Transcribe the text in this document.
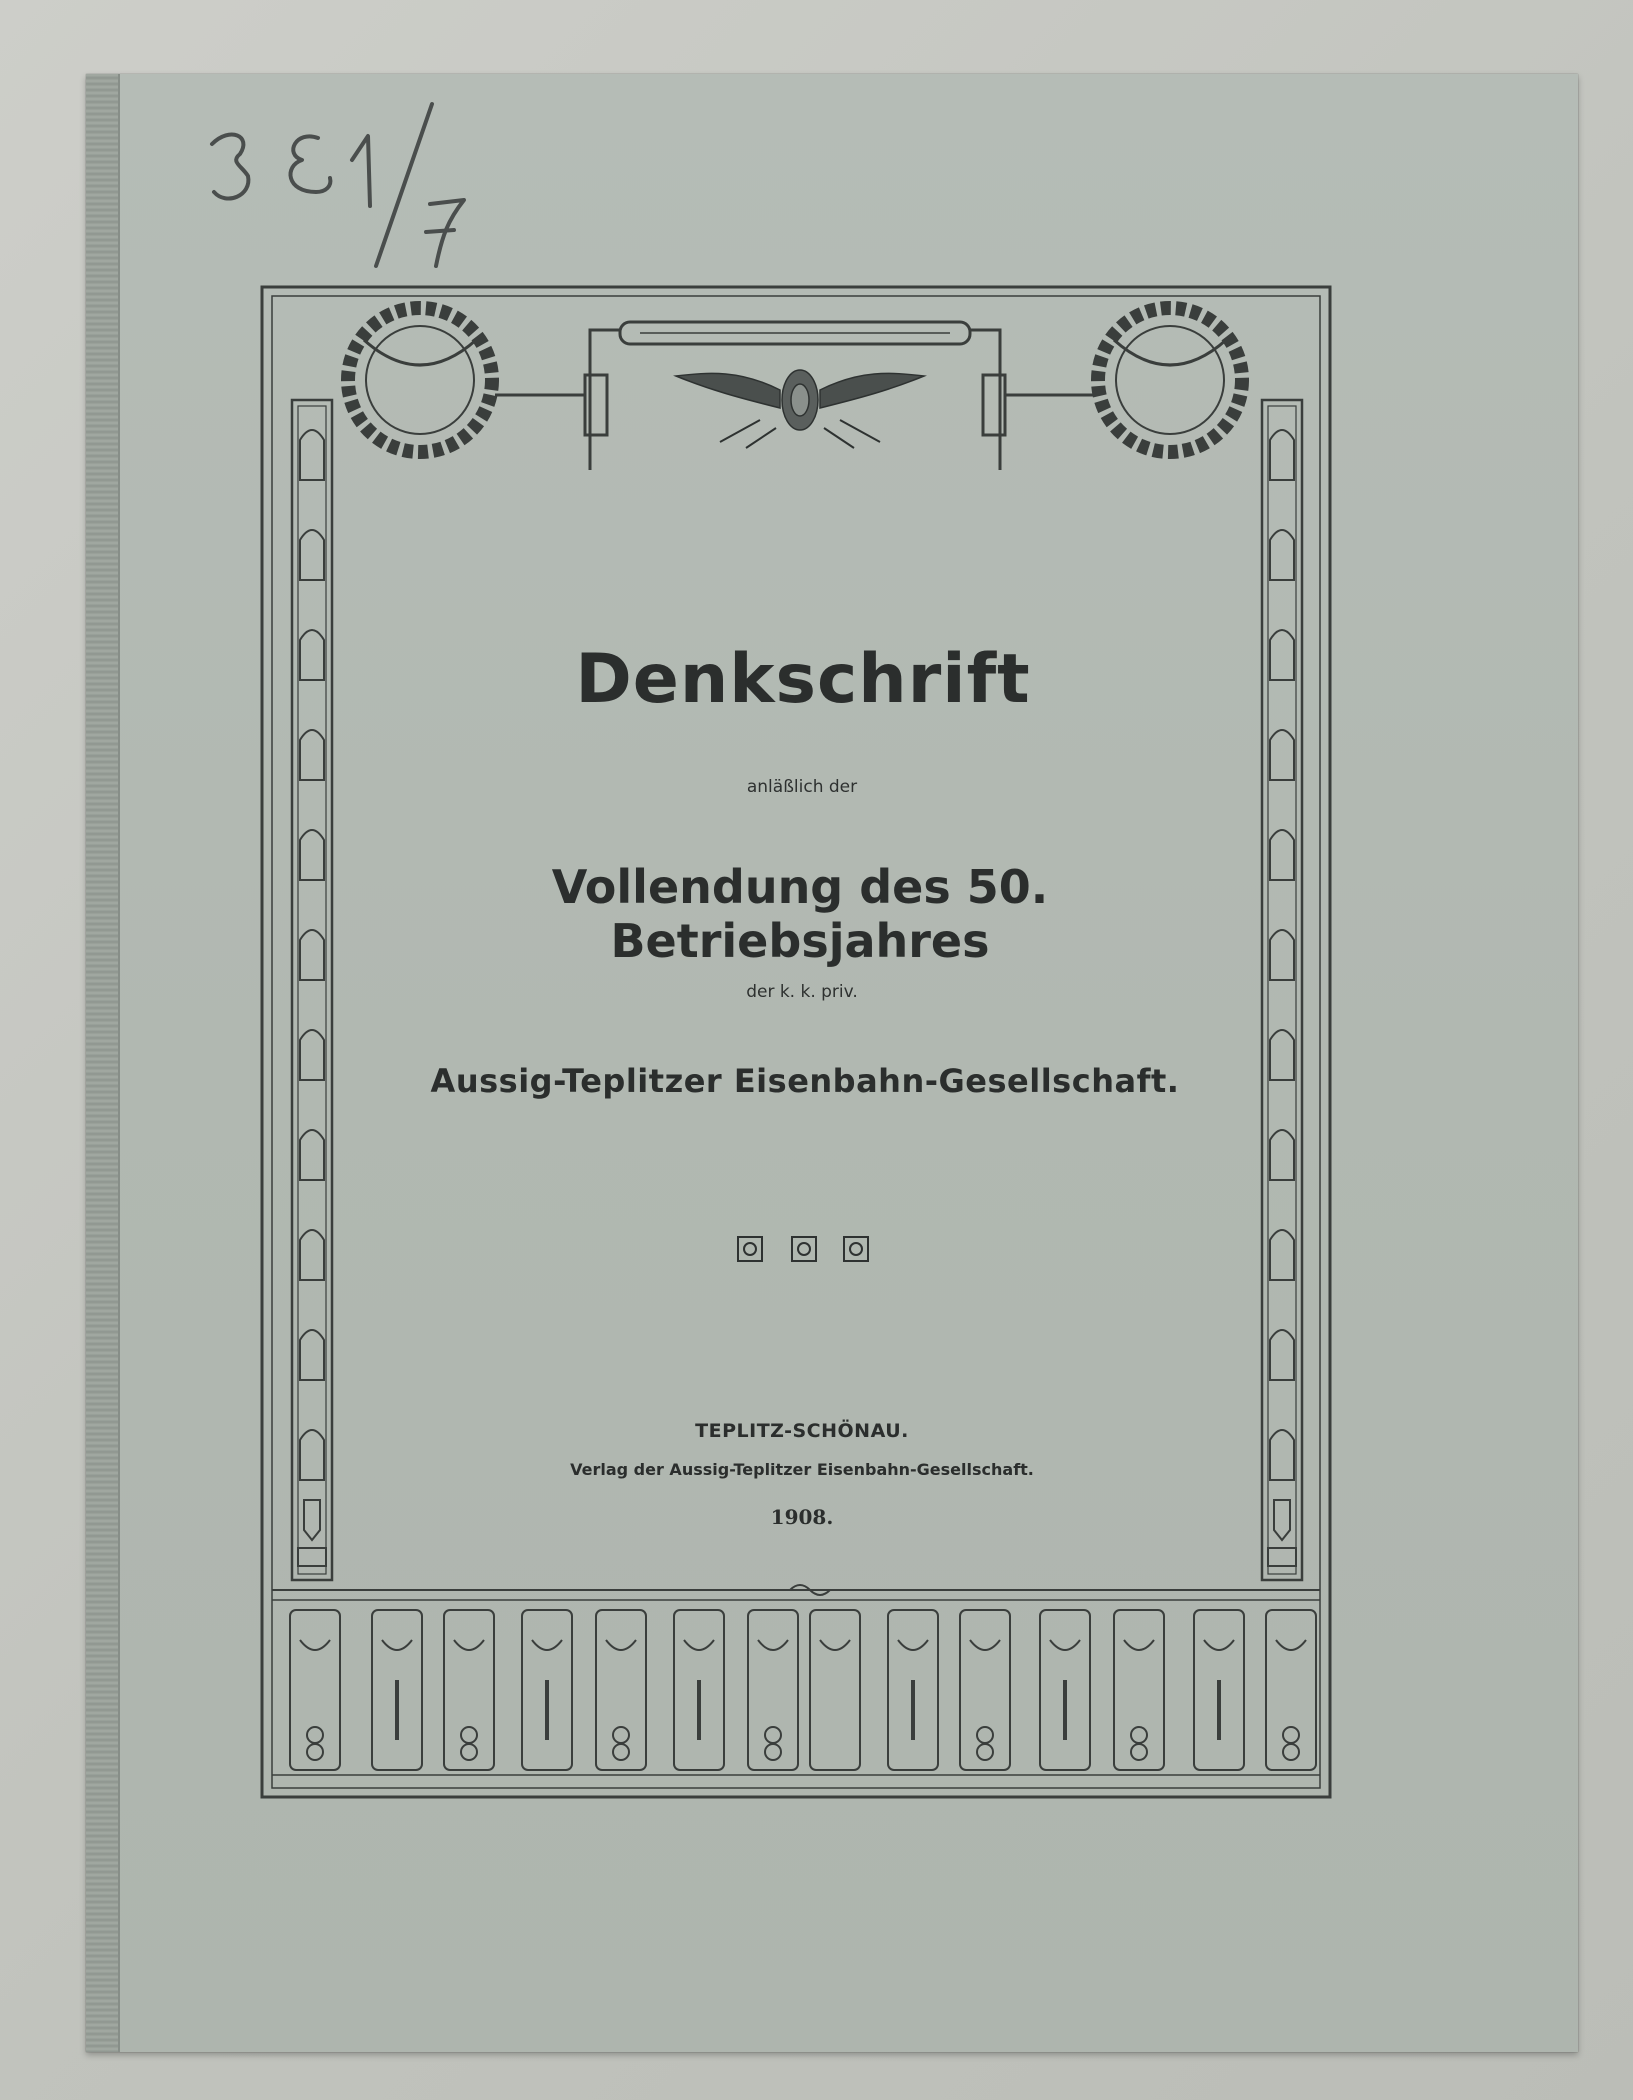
Denkschrift
anläßlich der
Vollendung des 50. Betriebsjahres
der k. k. priv.
Aussig-Teplitzer Eisenbahn-Gesellschaft.
TEPLITZ-SCHÖNAU.
Verlag der Aussig-Teplitzer Eisenbahn-Gesellschaft.
1908.
